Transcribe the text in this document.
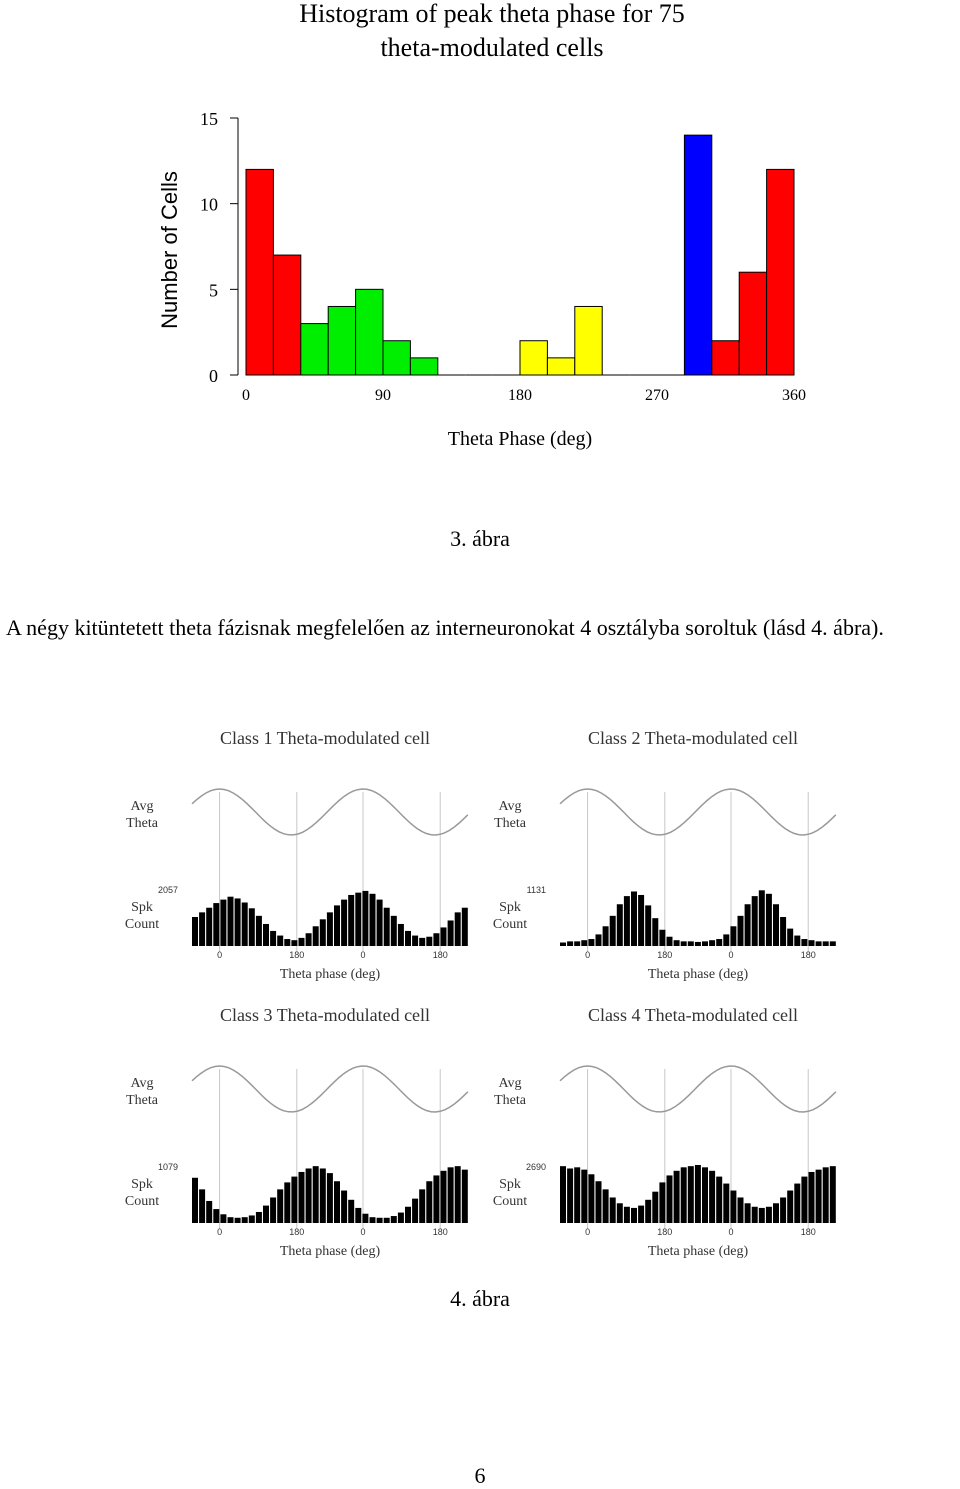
Histogram of peak theta phase for 75
theta-modulated cells
0
5
10
15
Number of Cells
0	90	180	270	360
Theta Phase (deg)
3. ábra
A négy kitüntetett theta fázisnak megfelelően az interneuronokat 4 osztályba soroltuk (lásd 4. ábra).
Class 1 Theta-modulated cell
Avg
Theta
Spk
Count
2057
0	180	0	180
Theta phase (deg)
Class 2 Theta-modulated cell
Avg
Theta
Spk
Count
1131
0	180	0	180
Theta phase (deg)
Class 3 Theta-modulated cell
Avg
Theta
Spk
Count
1079
0	180	0	180
Theta phase (deg)
Class 4 Theta-modulated cell
Avg
Theta
Spk
Count
2690
0	180	0	180
Theta phase (deg)
4. ábra
6
